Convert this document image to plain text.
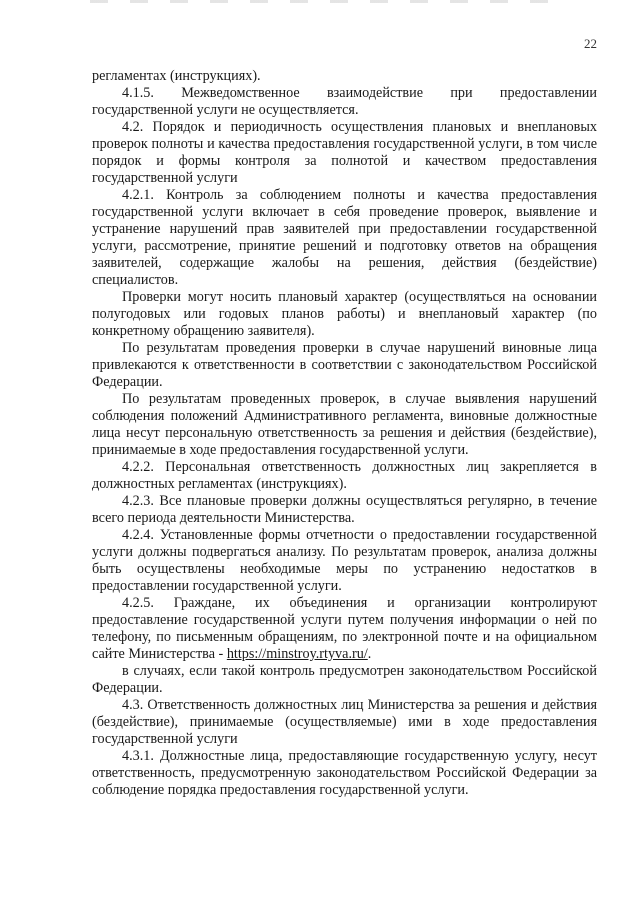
22

регламентах (инструкциях).

4.1.5. Межведомственное взаимодействие при предоставлении государственной услуги не осуществляется.

4.2. Порядок и периодичность осуществления плановых и внеплановых проверок полноты и качества предоставления государственной услуги, в том числе порядок и формы контроля за полнотой и качеством предоставления государственной услуги

4.2.1. Контроль за соблюдением полноты и качества предоставления государственной услуги включает в себя проведение проверок, выявление и устранение нарушений прав заявителей при предоставлении государственной услуги, рассмотрение, принятие решений и подготовку ответов на обращения заявителей, содержащие жалобы на решения, действия (бездействие) специалистов.

Проверки могут носить плановый характер (осуществляться на основании полугодовых или годовых планов работы) и внеплановый характер (по конкретному обращению заявителя).

По результатам проведения проверки в случае нарушений виновные лица привлекаются к ответственности в соответствии с законодательством Российской Федерации.

По результатам проведенных проверок, в случае выявления нарушений соблюдения положений Административного регламента, виновные должностные лица несут персональную ответственность за решения и действия (бездействие), принимаемые в ходе предоставления государственной услуги.

4.2.2. Персональная ответственность должностных лиц закрепляется в должностных регламентах (инструкциях).

4.2.3. Все плановые проверки должны осуществляться регулярно, в течение всего периода деятельности Министерства.

4.2.4. Установленные формы отчетности о предоставлении государственной услуги должны подвергаться анализу. По результатам проверок, анализа должны быть осуществлены необходимые меры по устранению недостатков в предоставлении государственной услуги.

4.2.5. Граждане, их объединения и организации контролируют предоставление государственной услуги путем получения информации о ней по телефону, по письменным обращениям, по электронной почте и на официальном сайте Министерства - https://minstroy.rtyva.ru/.

в случаях, если такой контроль предусмотрен законодательством Российской Федерации.

4.3. Ответственность должностных лиц Министерства за решения и действия (бездействие), принимаемые (осуществляемые) ими в ходе предоставления государственной услуги

4.3.1. Должностные лица, предоставляющие государственную услугу, несут ответственность, предусмотренную законодательством Российской Федерации за соблюдение порядка предоставления государственной услуги.
